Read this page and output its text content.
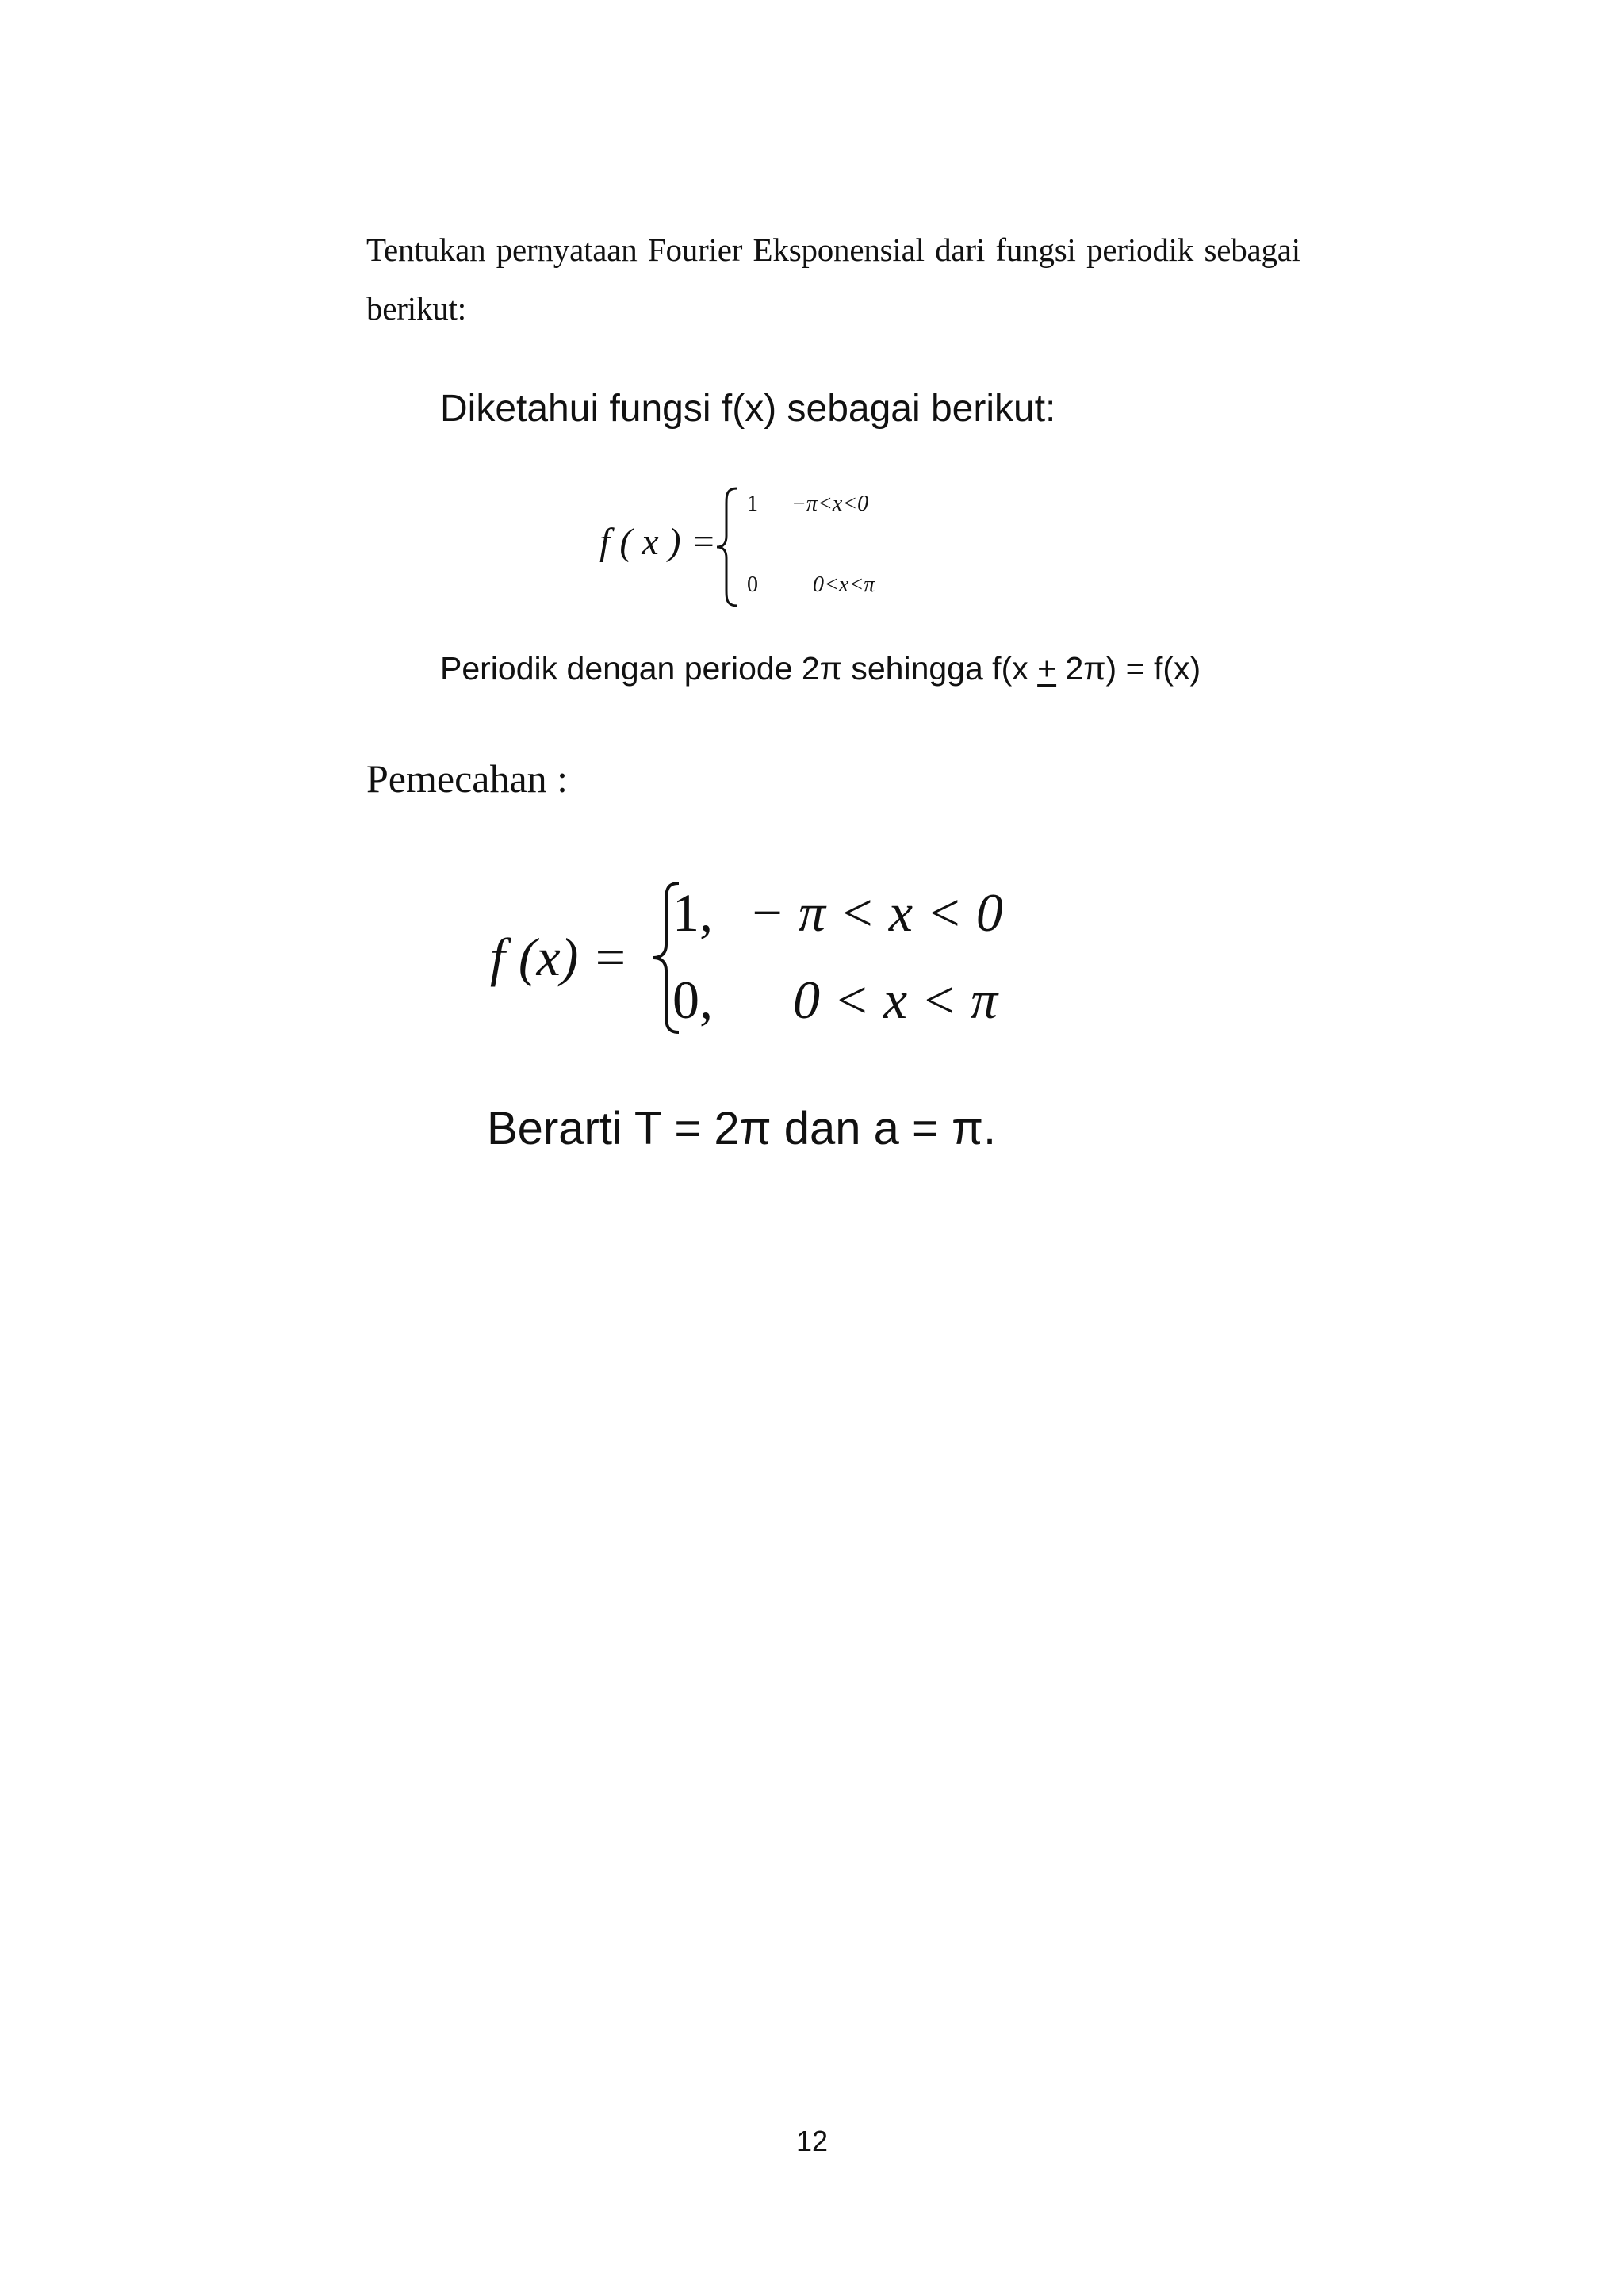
Tentukan pernyataan Fourier Eksponensial dari fungsi periodik sebagai berikut:
Diketahui fungsi f(x) sebagai berikut:
f ( x ) =
1 −π<x<0
0 0<x<π
Periodik dengan periode 2π sehingga f(x + 2π) = f(x)
Pemecahan :
f (x) =
1, − π < x < 0
0, 0 < x < π
Berarti T = 2π dan a = π.
12
